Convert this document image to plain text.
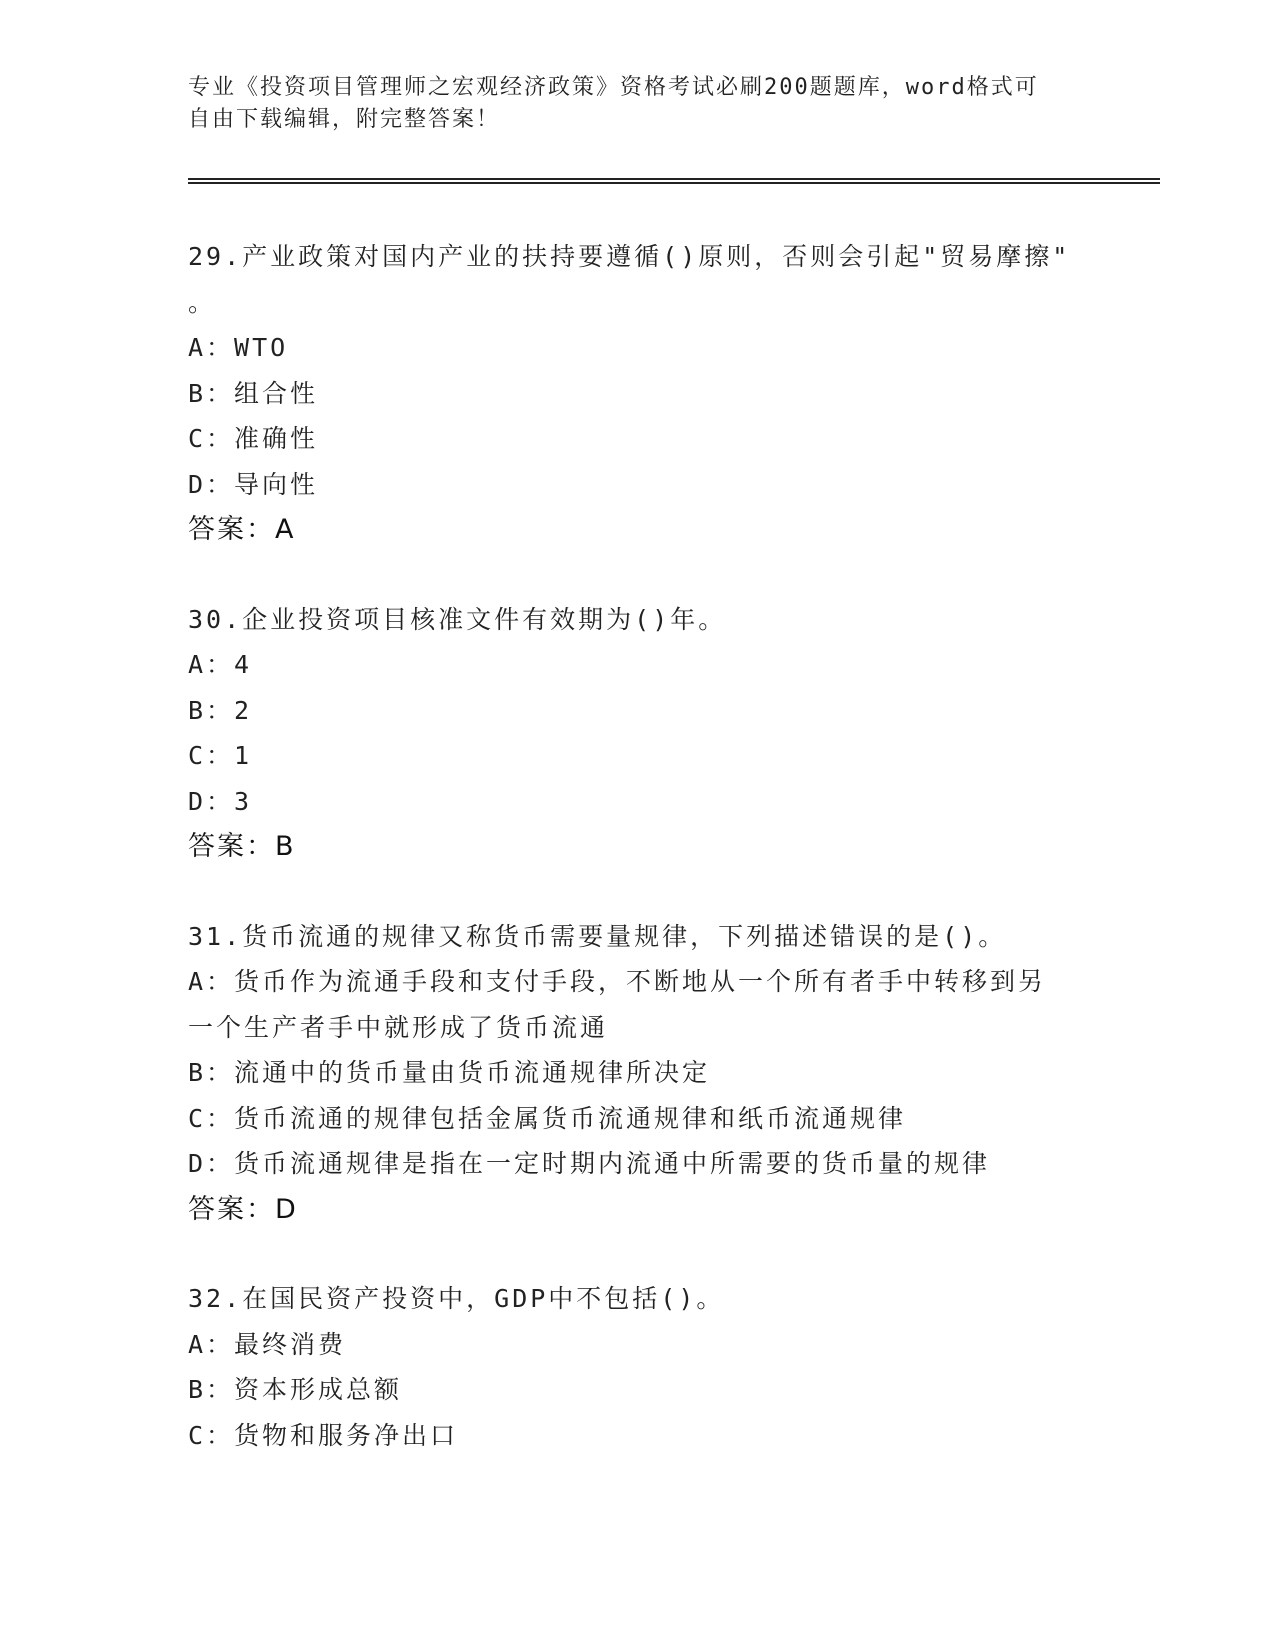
专业《投资项目管理师之宏观经济政策》资格考试必刷200题题库，word格式可
自由下载编辑，附完整答案！

29.产业政策对国内产业的扶持要遵循()原则，否则会引起"贸易摩擦"

。

A：WTO

B：组合性

C：准确性

D：导向性

答案：A

30.企业投资项目核准文件有效期为()年。

A：4

B：2

C：1

D：3

答案：B

31.货币流通的规律又称货币需要量规律，下列描述错误的是()。

A：货币作为流通手段和支付手段，不断地从一个所有者手中转移到另

一个生产者手中就形成了货币流通

B：流通中的货币量由货币流通规律所决定

C：货币流通的规律包括金属货币流通规律和纸币流通规律

D：货币流通规律是指在一定时期内流通中所需要的货币量的规律

答案：D

32.在国民资产投资中，GDP中不包括()。

A：最终消费

B：资本形成总额

C：货物和服务净出口
